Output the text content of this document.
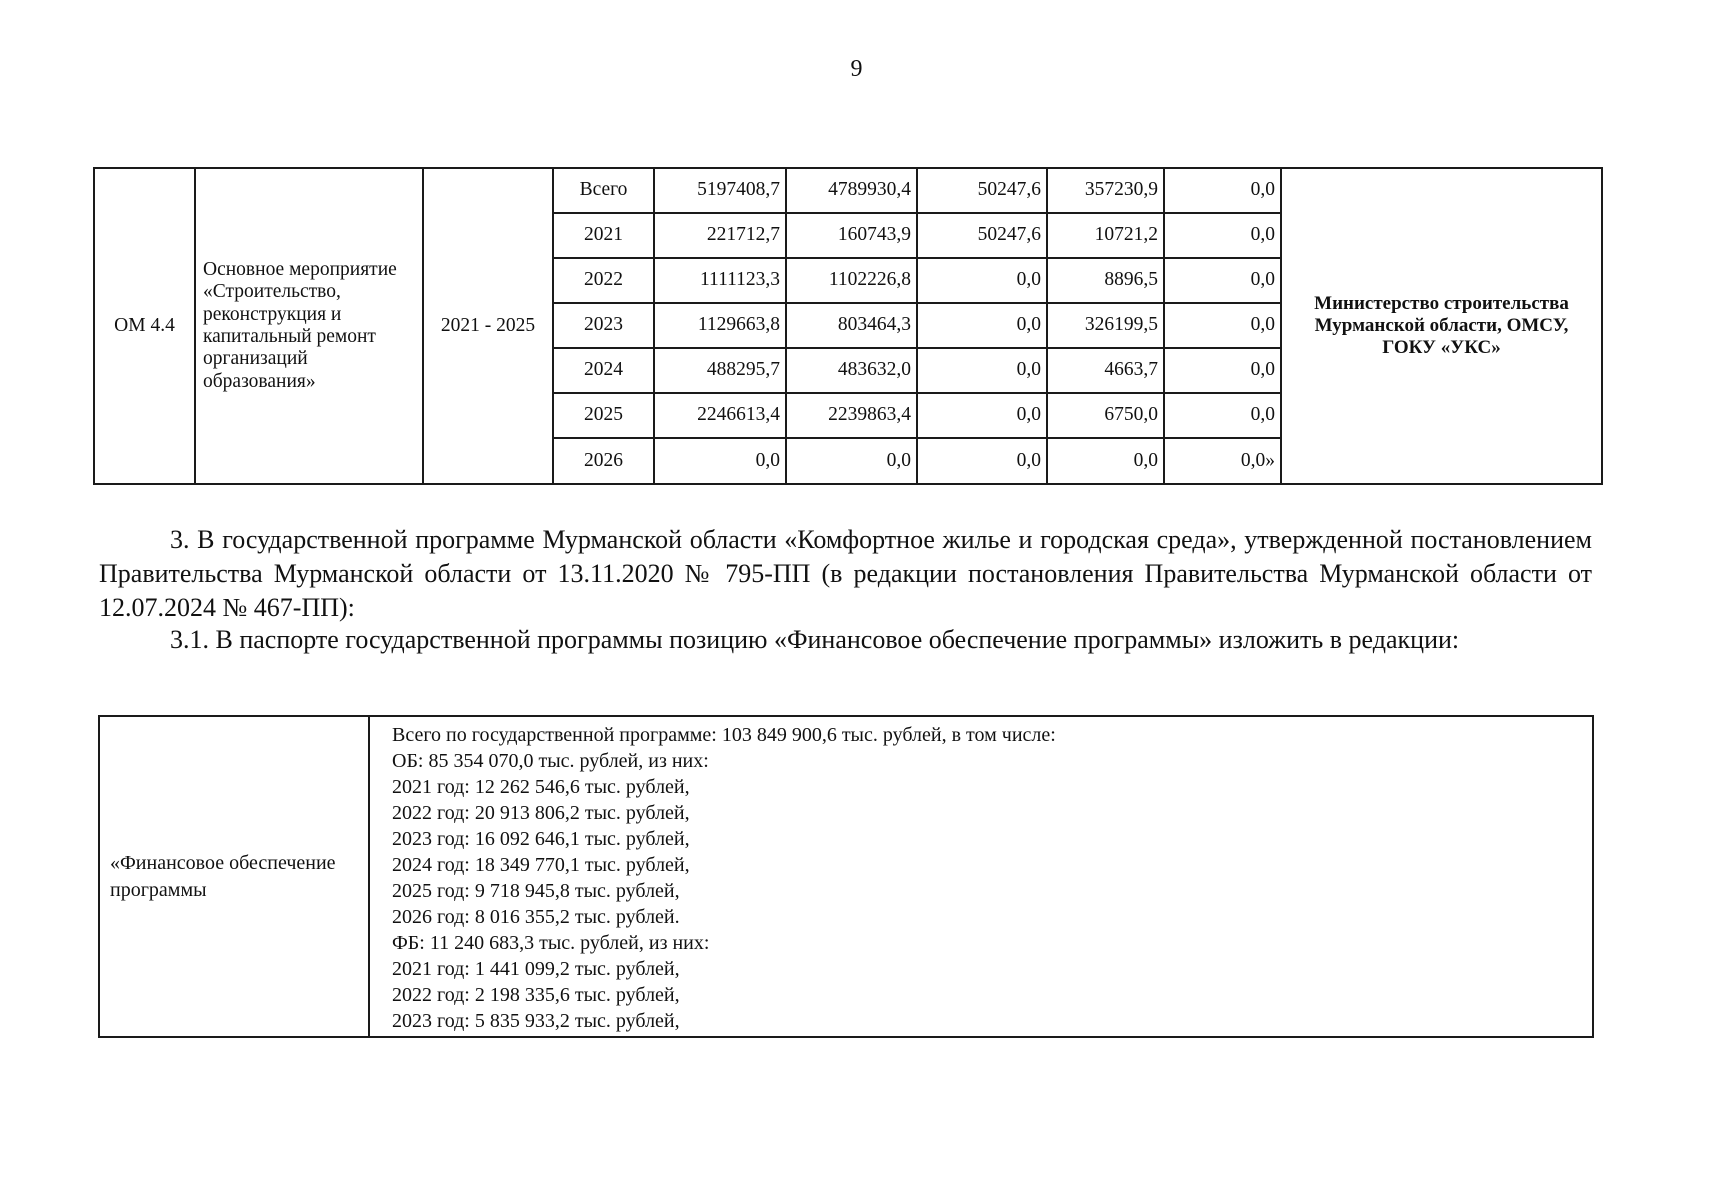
9
ОМ 4.4	Основное мероприятие «Строительство, реконструкция и капитальный ремонт организаций образования»	2021 - 2025	Всего	5197408,7	4789930,4	50247,6	357230,9	0,0	Министерство строительства Мурманской области, ОМСУ, ГОКУ «УКС»
			2021	221712,7	160743,9	50247,6	10721,2	0,0	
			2022	1111123,3	1102226,8	0,0	8896,5	0,0	
			2023	1129663,8	803464,3	0,0	326199,5	0,0	
			2024	488295,7	483632,0	0,0	4663,7	0,0	
			2025	2246613,4	2239863,4	0,0	6750,0	0,0	
			2026	0,0	0,0	0,0	0,0	0,0»	

3. В государственной программе Мурманской области «Комфортное жилье и городская среда», утвержденной постановлением Правительства Мурманской области от 13.11.2020 № 795-ПП (в редакции постановления Правительства Мурманской области от 12.07.2024 № 467-ПП):

3.1. В паспорте государственной программы позицию «Финансовое обеспечение программы» изложить в редакции:

«Финансовое обеспечение программы	
Всего по государственной программе: 103 849 900,6 тыс. рублей, в том числе:
ОБ: 85 354 070,0 тыс. рублей, из них:
2021 год: 12 262 546,6 тыс. рублей,
2022 год: 20 913 806,2 тыс. рублей,
2023 год: 16 092 646,1 тыс. рублей,
2024 год: 18 349 770,1 тыс. рублей,
2025 год: 9 718 945,8 тыс. рублей,
2026 год: 8 016 355,2 тыс. рублей.
ФБ: 11 240 683,3 тыс. рублей, из них:
2021 год: 1 441 099,2 тыс. рублей,
2022 год: 2 198 335,6 тыс. рублей,
2023 год: 5 835 933,2 тыс. рублей,
